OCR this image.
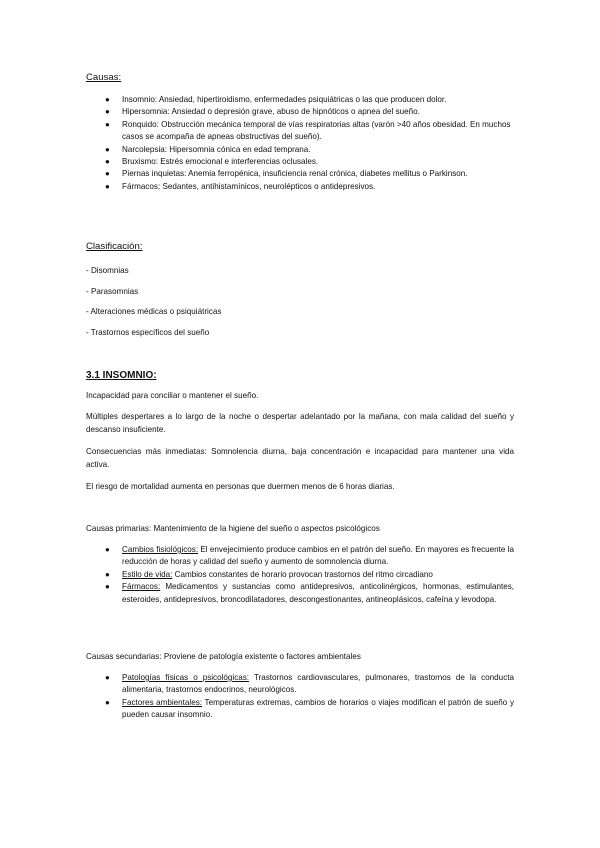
Causas:
● Insomnio: Ansiedad, hipertiroidismo, enfermedades psiquiátricas o las que producen dolor.
● Hipersomnia: Ansiedad o depresión grave, abuso de hipnóticos o apnea del sueño.
● Ronquido: Obstrucción mecánica temporal de vías respiratorias altas (varón >40 años obesidad. En muchos casos se acompaña de apneas obstructivas del sueño).
● Narcolepsia: Hipersomnia cónica en edad temprana.
● Bruxismo: Estrés emocional e interferencias oclusales.
● Piernas inquietas: Anemia ferropénica, insuficiencia renal crónica, diabetes mellitus o Parkinson.
● Fármacos: Sedantes, antihistamínicos, neurolépticos o antidepresivos.
Clasificación:

- Disomnias

- Parasomnias

- Alteraciones médicas o psiquiátricas

- Trastornos específicos del sueño

3.1 INSOMNIO:

Incapacidad para conciliar o mantener el sueño.

Múltiples despertares a lo largo de la noche o despertar adelantado por la mañana, con mala calidad del sueño y descanso insuficiente.

Consecuencias más inmediatas: Somnolencia diurna, baja concentración e incapacidad para mantener una vida activa.

El riesgo de mortalidad aumenta en personas que duermen menos de 6 horas diarias.

Causas primarias: Mantenimiento de la higiene del sueño o aspectos psicológicos

● Cambios fisiológicos: El envejecimiento produce cambios en el patrón del sueño. En mayores es frecuente la reducción de horas y calidad del sueño y aumento de somnolencia diurna.
● Estilo de vida: Cambios constantes de horario provocan trastornos del ritmo circadiano
● Fármacos: Medicamentos y sustancias como antidepresivos, anticolinérgicos, hormonas, estimulantes, esteroides, antidepresivos, broncodilatadores, descongestionantes, antineoplásicos, cafeína y levodopa.

Causas secundarias: Proviene de patología existente o factores ambientales

● Patologías físicas o psicológicas: Trastornos cardiovasculares, pulmonares, trastornos de la conducta alimentaria, trastornos endocrinos, neurológicos.
● Factores ambientales: Temperaturas extremas, cambios de horarios o viajes modifican el patrón de sueño y pueden causar insomnio.
